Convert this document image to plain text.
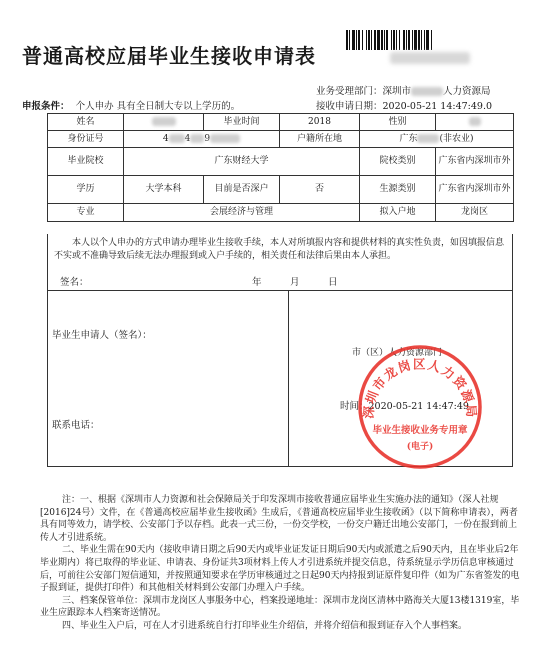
普通高校应届毕业生接收申请表
业务受理部门：深圳市	人力资源局
接收申请日期：2020-05-21 14:47:49.0
申报条件： 个人申办 具有全日制大专以上学历的。
姓名		毕业时间	2018	性别	
身份证号	4 4 9		户籍所在地	广东 (非农业)	
毕业院校	广东财经大学			院校类别	广东省内深圳市外
学历	大学本科	目前是否深户	否	生源类别	广东省内深圳市外
专业	会展经济与管理			拟入户地	龙岗区
本人以个人申办的方式申请办理毕业生接收手续，本人对所填报内容和提供材料的真实性负责，如因填报信息不实或不准确导致后续无法办理报到或入户手续的，相关责任和法律后果由本人承担。
签名：	年　　　月　　　日
毕业生申请人（签名）：
联系电话：
市（区）人力资源部门
时间：2020-05-21 14:47:49
深圳市龙岗区人力资源局
毕业生接收业务专用章
(电子)

注：一、根据《深圳市人力资源和社会保障局关于印发深圳市接收普通应届毕业生实施办法的通知》（深人社规[2016]24号）文件，在《普通高校应届毕业生接收函》生成后，《普通高校应届毕业生接收函》（以下简称申请表），两者具有同等效力，请学校、公安部门予以存档。此表一式三份，一份交学校，一份交户籍迁出地公安部门，一份在报到前上传人才引进系统。

二、毕业生需在90天内（接收申请日期之后90天内或毕业证发证日期后90天内或派遣之后90天内，且在毕业后2年毕业期内）将已取得的毕业证、申请表、身份证共3项材料上传人才引进系统并提交信息，待系统显示学历信息审核通过后，可前往公安部门短信通知，并按照通知要求在学历审核通过之日起90天内持报到证原件复印件（如为广东省签发的电子报到证，提供打印件）和其他相关材料到公安部门办理入户手续。

三、档案保管单位：深圳市龙岗区人事服务中心，档案投递地址：深圳市龙岗区清林中路海关大厦13楼1319室，毕业生应跟踪本人档案寄送情况。

四、毕业生入户后，可在人才引进系统自行打印毕业生介绍信，并将介绍信和报到证存入个人事档案。
